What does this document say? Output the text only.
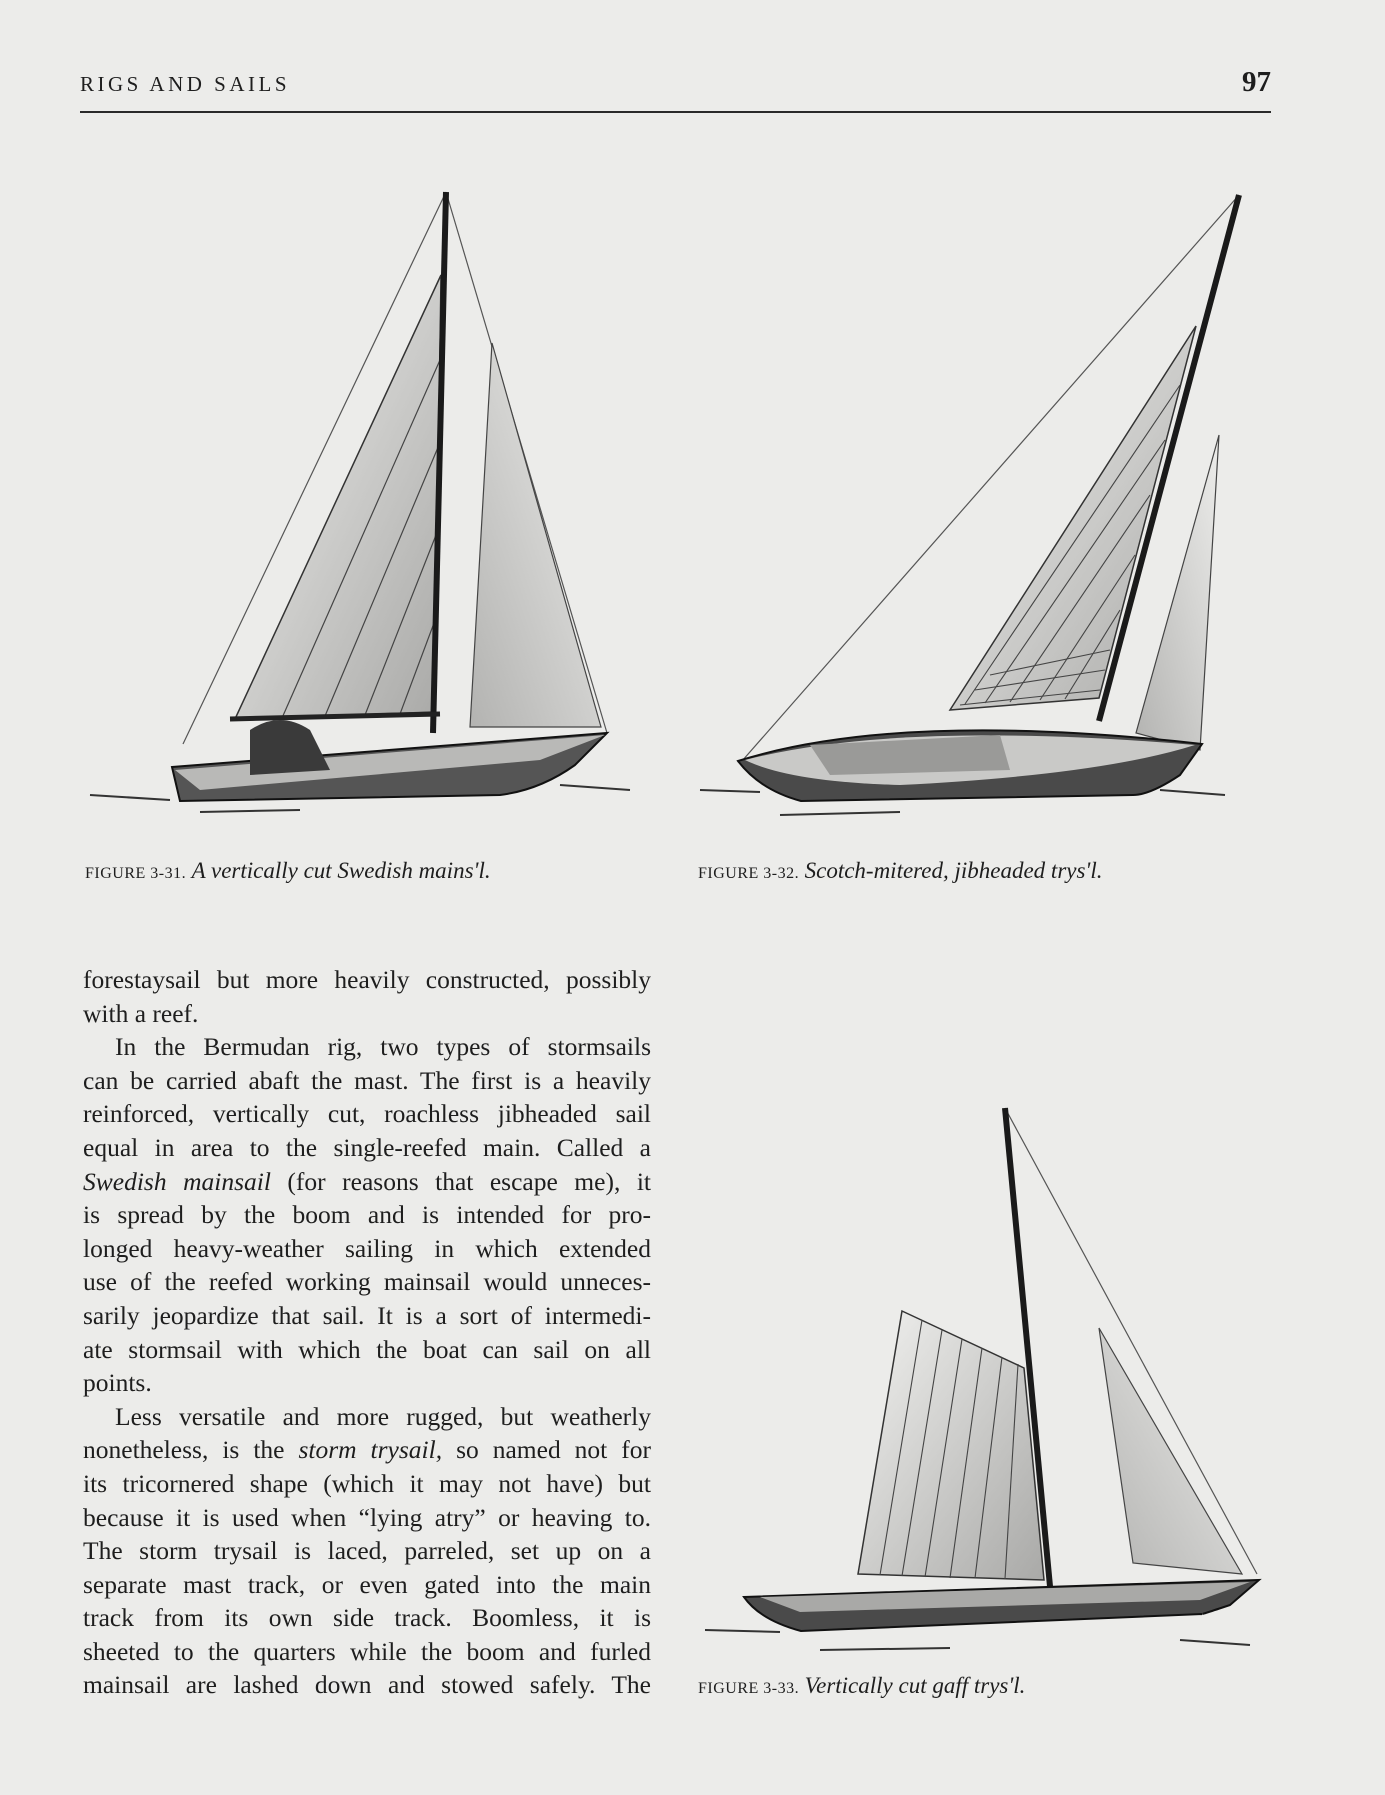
RIGS AND SAILS	97
FIGURE 3-31. A vertically cut Swedish mains'l.	FIGURE 3-32. Scotch-mitered, jibheaded trys'l.
FIGURE 3-33. Vertically cut gaff trys'l.
forestaysail but more heavily constructed, possibly
with a reef.
In the Bermudan rig, two types of stormsails
can be carried abaft the mast. The first is a heavily
reinforced, vertically cut, roachless jibheaded sail
equal in area to the single-reefed main. Called a
Swedish mainsail (for reasons that escape me), it
is spread by the boom and is intended for pro-
longed heavy-weather sailing in which extended
use of the reefed working mainsail would unneces-
sarily jeopardize that sail. It is a sort of intermedi-
ate stormsail with which the boat can sail on all
points.
Less versatile and more rugged, but weatherly
nonetheless, is the storm trysail, so named not for
its tricornered shape (which it may not have) but
because it is used when “lying atry” or heaving to.
The storm trysail is laced, parreled, set up on a
separate mast track, or even gated into the main
track from its own side track. Boomless, it is
sheeted to the quarters while the boom and furled
mainsail are lashed down and stowed safely. The
